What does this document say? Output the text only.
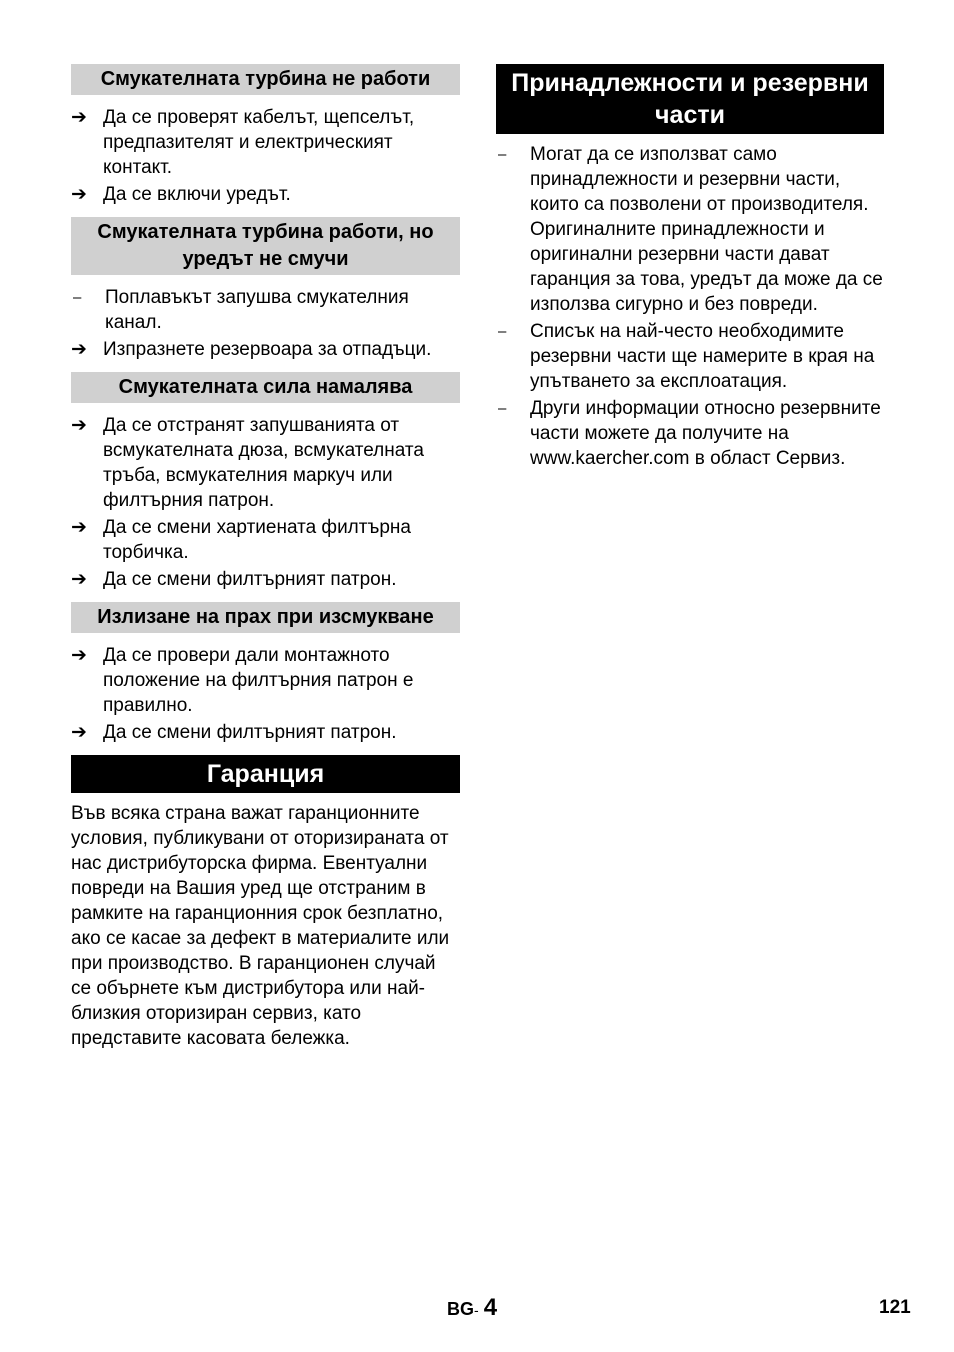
Смукателната турбина не работи
➔ Да се проверят кабелът, щепселът, предпазителят и електрическият контакт.
➔ Да се включи уредът.
Смукателната турбина работи, но уредът не смучи
–	Поплавъкът запушва смукателния канал.
➔ Изпразнете резервоара за отпадъци.
Смукателната сила намалява
➔ Да се отстранят запушванията от всмукателната дюза, всмукателната тръба, всмукателния маркуч или филтърния патрон.
➔ Да се смени хартиената филтърна торбичка.
➔ Да се смени филтърният патрон.
Излизане на прах при изсмукване
➔ Да се провери дали монтажното положение на филтърния патрон е правилно.
➔ Да се смени филтърният патрон.
Гаранция
Във всяка страна важат гаранционните условия, публикувани от оторизираната от нас дистрибуторска фирма. Евентуални повреди на Вашия уред ще отстраним в рамките на гаранционния срок безплатно, ако се касае за дефект в материалите или при производство. В гаранционен случай се обърнете към дистрибутора или най-близкия оторизиран сервиз, като представите касовата бележка.
Принадлежности и резервни части
–	Могат да се използват само принадлежности и резервни части, които са позволени от производителя. Оригиналните принадлежности и оригинални резервни части дават гаранция за това, уредът да може да се използва сигурно и без повреди.
–	Списък на най-често необходимите резервни части ще намерите в края на упътването за експлоатация.
–	Други информации относно резервните части можете да получите на www.kaercher.com в област Сервиз.
BG- 4	121
